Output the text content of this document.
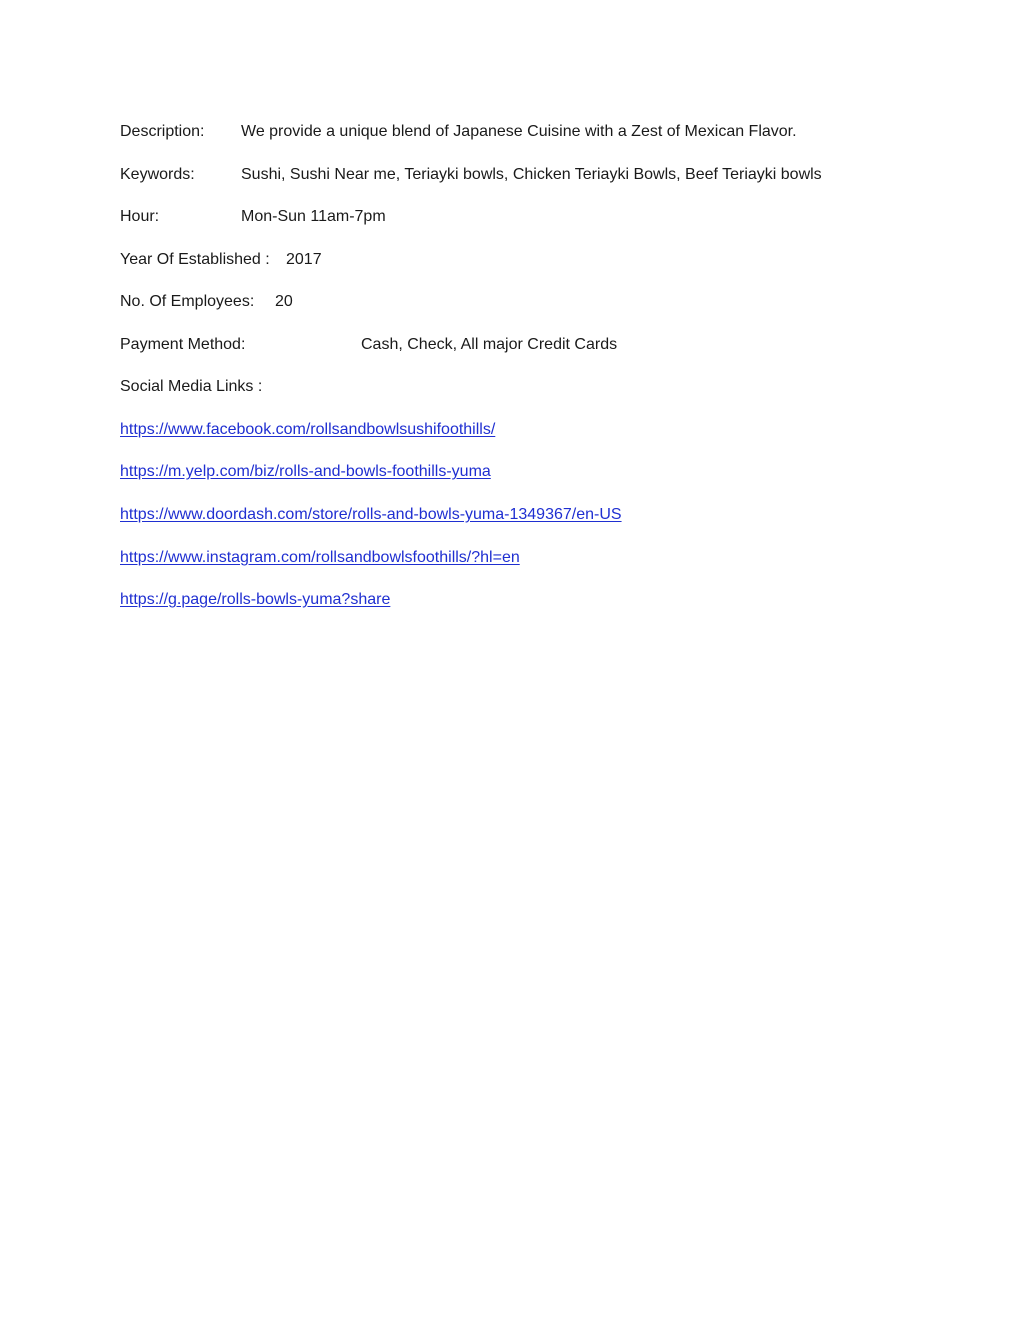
Description: We provide a unique blend of Japanese Cuisine with a Zest of Mexican Flavor.
Keywords:	Sushi, Sushi Near me, Teriayki bowls, Chicken Teriayki Bowls, Beef Teriayki bowls
Hour:	Mon-Sun 11am-7pm
Year Of Established : 2017
No. Of Employees: 20
Payment Method:	Cash, Check, All major Credit Cards
Social Media Links :
https://www.facebook.com/rollsandbowlsushifoothills/
https://m.yelp.com/biz/rolls-and-bowls-foothills-yuma
https://www.doordash.com/store/rolls-and-bowls-yuma-1349367/en-US
https://www.instagram.com/rollsandbowlsfoothills/?hl=en
https://g.page/rolls-bowls-yuma?share
